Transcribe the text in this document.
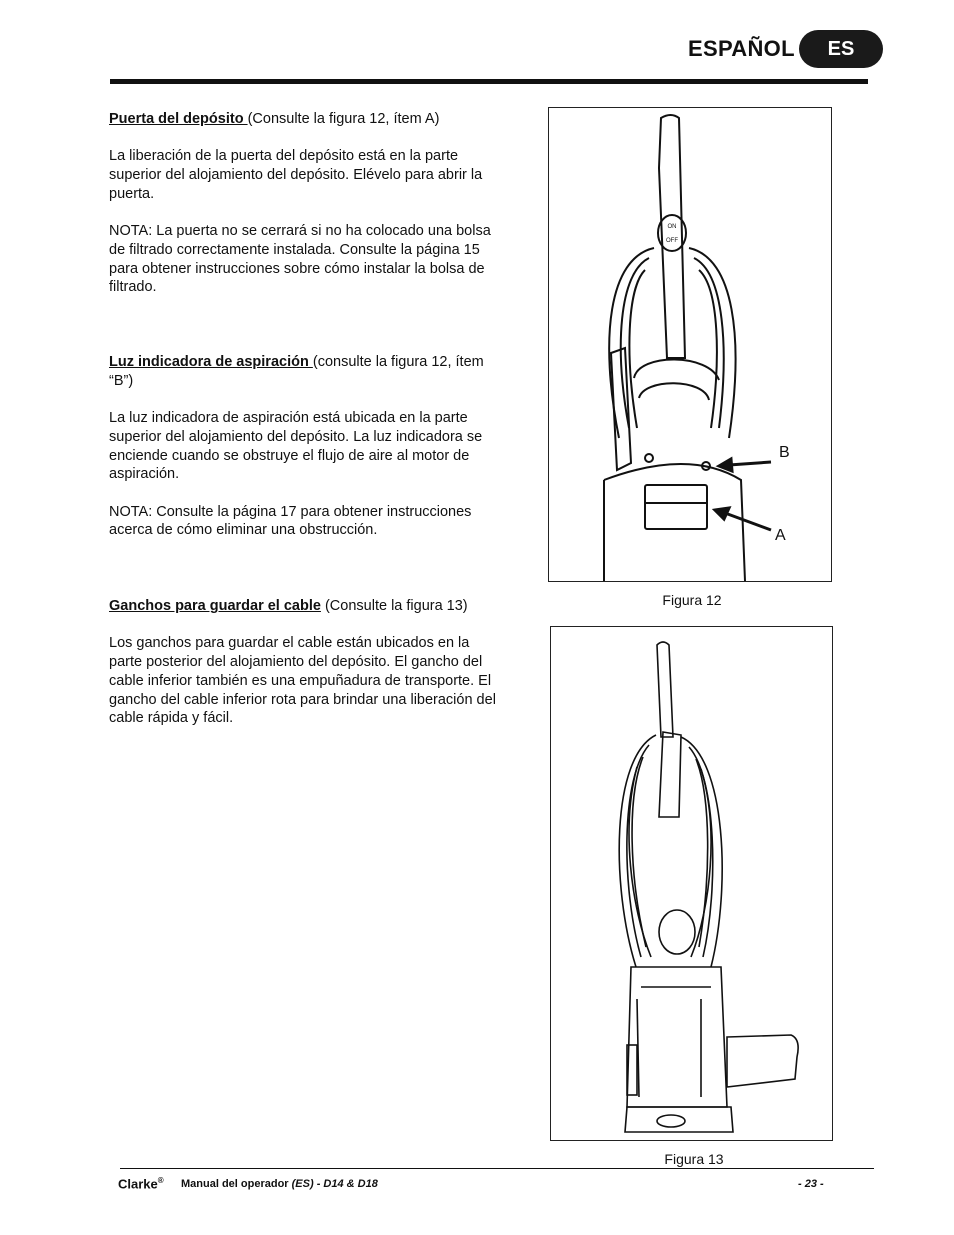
ESPAÑOL	ES

Puerta del depósito (Consulte la figura 12, ítem A)

La liberación de la puerta del depósito está en la parte superior del alojamiento del depósito. Elévelo para abrir la puerta.

NOTA: La puerta no se cerrará si no ha colocado una bolsa de filtrado correctamente instalada. Consulte la página 15 para obtener instrucciones sobre cómo instalar la bolsa de filtrado.

Luz indicadora de aspiración (consulte la figura 12, ítem “B”)

La luz indicadora de aspiración está ubicada en la parte superior del alojamiento del depósito. La luz indicadora se enciende cuando se obstruye el flujo de aire al motor de aspiración.

NOTA: Consulte la página 17 para obtener instrucciones acerca de cómo eliminar una obstrucción.

Ganchos para guardar el cable (Consulte la figura 13)

Los ganchos para guardar el cable están ubicados en la parte posterior del alojamiento del depósito. El gancho del cable inferior también es una empuñadura de transporte. El gancho del cable inferior rota para brindar una liberación del cable rápida y fácil.

ON
OFF
B
A
Figura 12
Figura 13
Clarke® Manual del operador (ES) - D14 & D18	- 23 -
